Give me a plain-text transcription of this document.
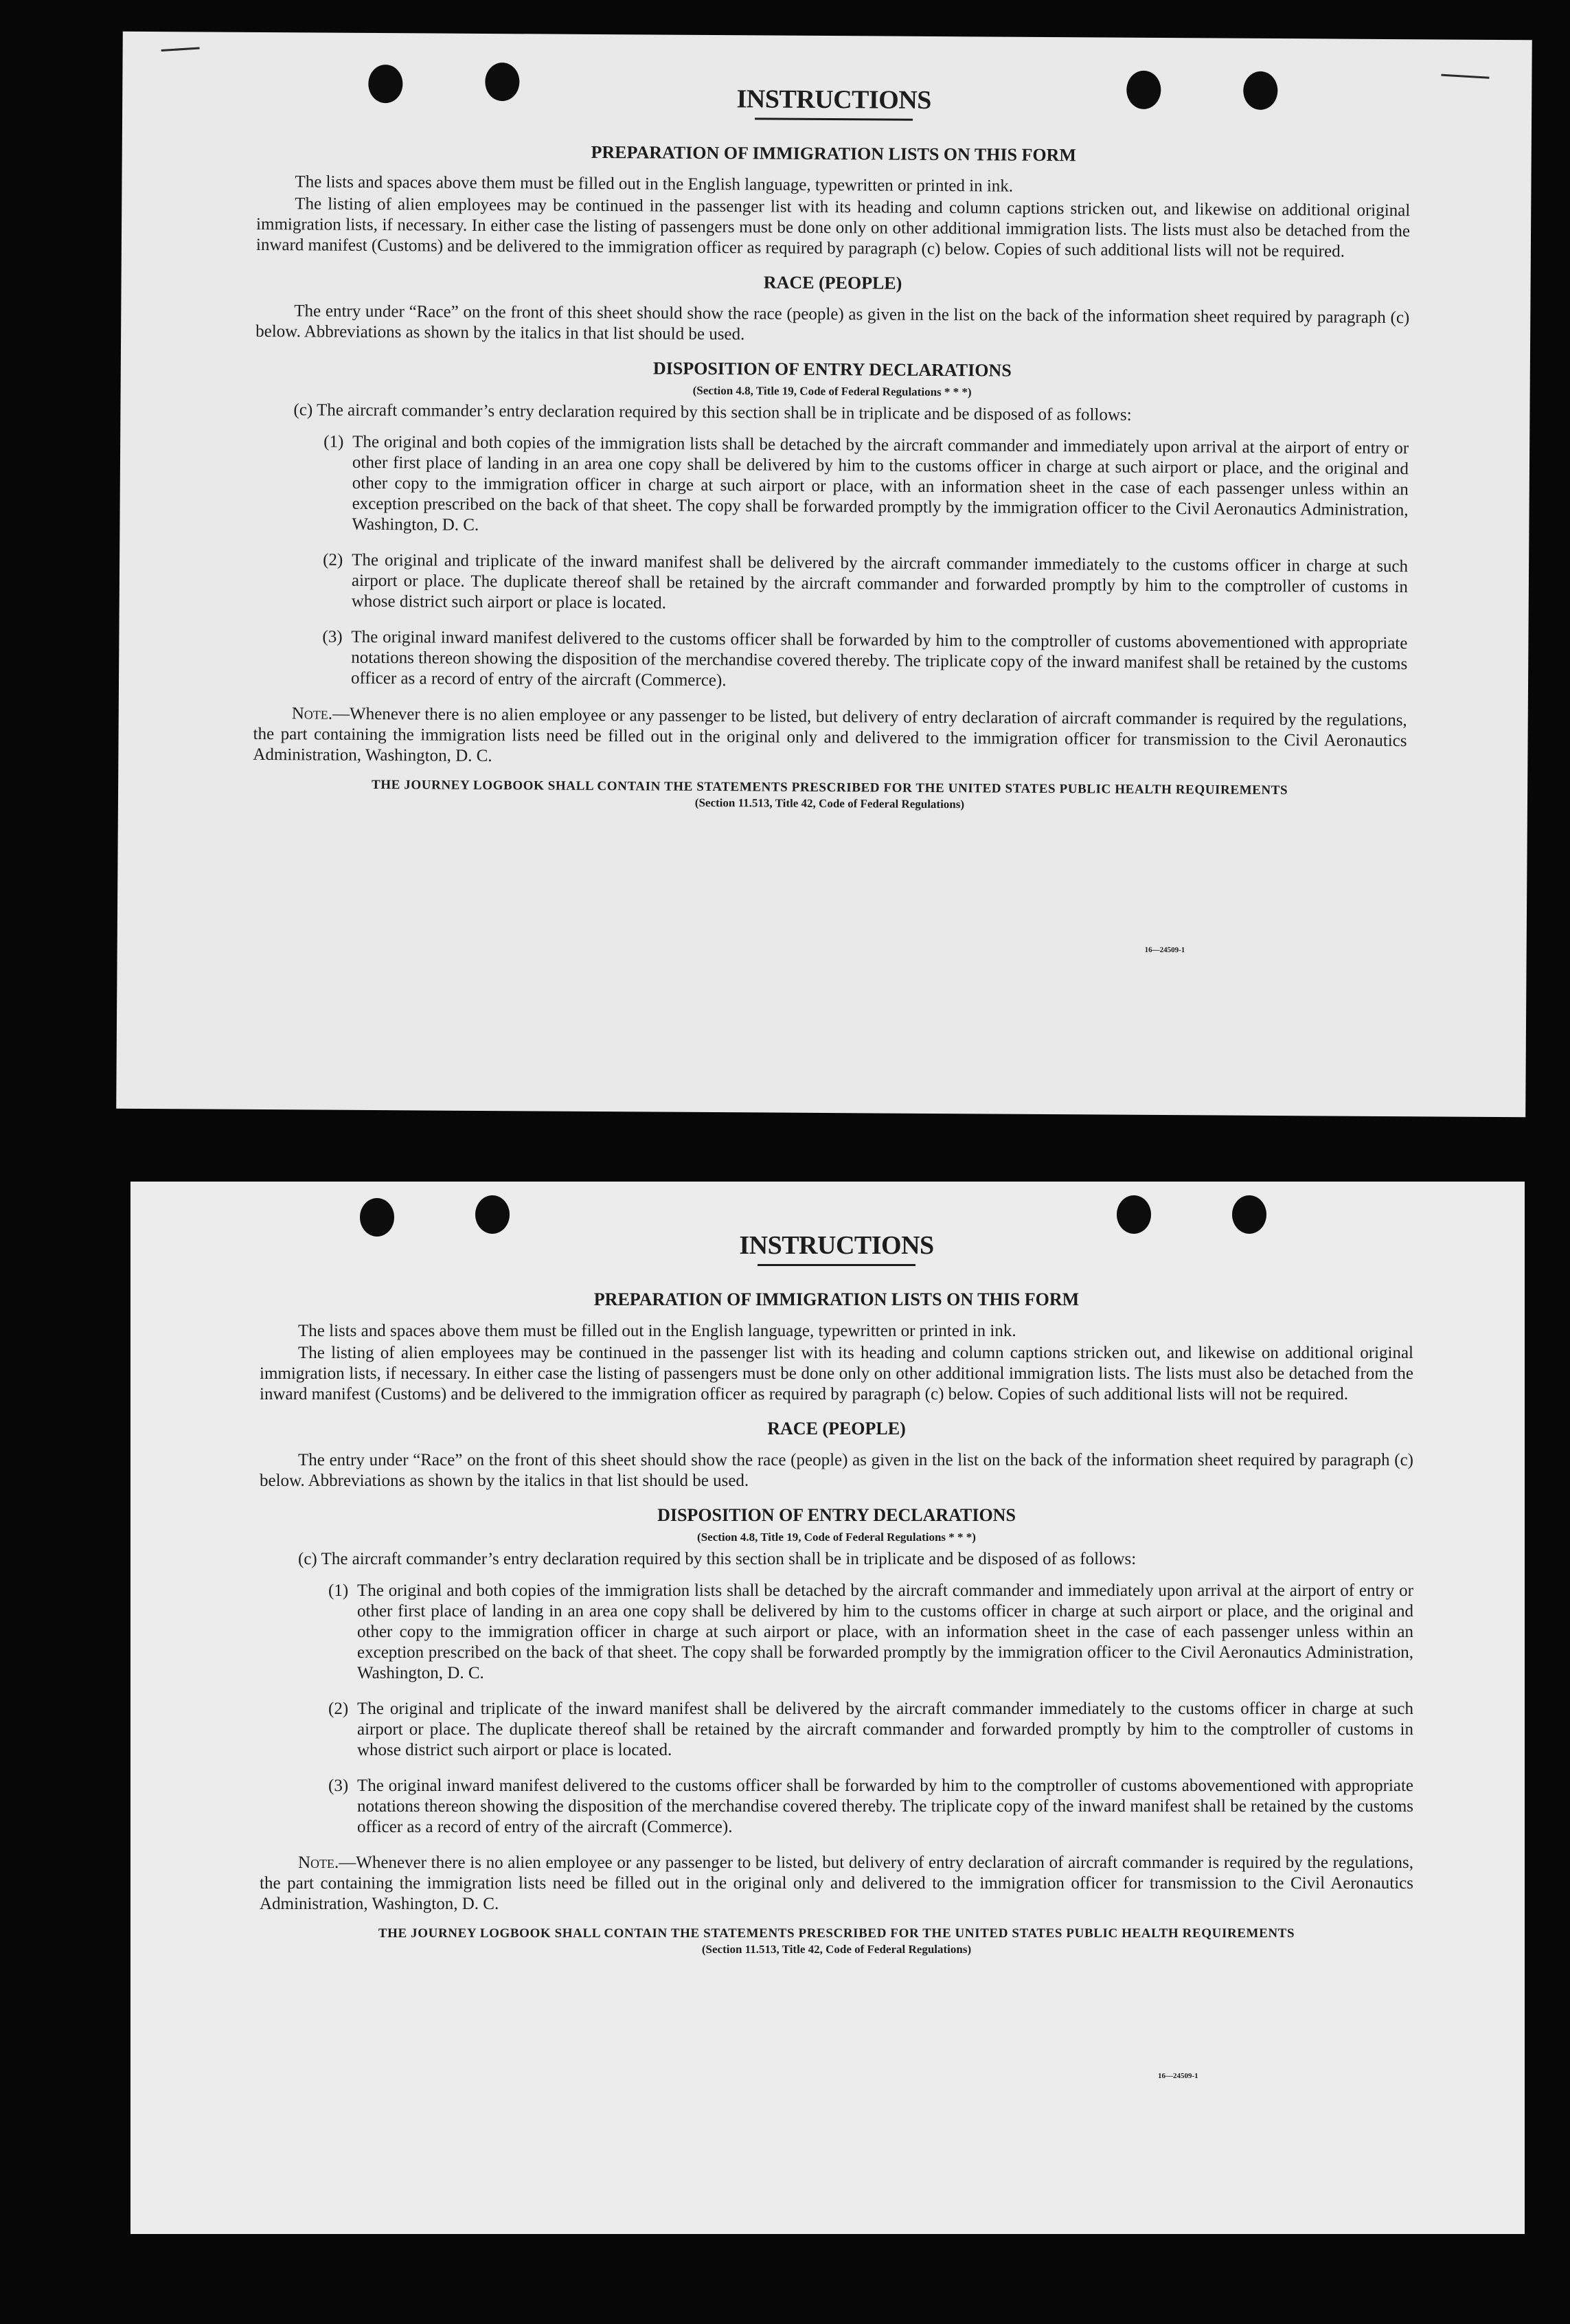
INSTRUCTIONS
PREPARATION OF IMMIGRATION LISTS ON THIS FORM

The lists and spaces above them must be filled out in the English language, typewritten or printed in ink.

The listing of alien employees may be continued in the passenger list with its heading and column captions stricken out, and likewise on additional original immigration lists, if necessary. In either case the listing of passengers must be done only on other additional immigration lists. The lists must also be detached from the inward manifest (Customs) and be delivered to the immigration officer as required by paragraph (c) below. Copies of such additional lists will not be required.

RACE (PEOPLE)

The entry under “Race” on the front of this sheet should show the race (people) as given in the list on the back of the information sheet required by paragraph (c) below. Abbreviations as shown by the italics in that list should be used.

DISPOSITION OF ENTRY DECLARATIONS
(Section 4.8, Title 19, Code of Federal Regulations * * *)

(c) The aircraft commander’s entry declaration required by this section shall be in triplicate and be disposed of as follows:

(1) The original and both copies of the immigration lists shall be detached by the aircraft commander and immediately upon arrival at the airport of entry or other first place of landing in an area one copy shall be delivered by him to the customs officer in charge at such airport or place, and the original and other copy to the immigration officer in charge at such airport or place, with an information sheet in the case of each passenger unless within an exception prescribed on the back of that sheet. The copy shall be forwarded promptly by the immigration officer to the Civil Aeronautics Administration, Washington, D. C.
(2) The original and triplicate of the inward manifest shall be delivered by the aircraft commander immediately to the customs officer in charge at such airport or place. The duplicate thereof shall be retained by the aircraft commander and forwarded promptly by him to the comptroller of customs in whose district such airport or place is located.
(3) The original inward manifest delivered to the customs officer shall be forwarded by him to the comptroller of customs abovementioned with appropriate notations thereon showing the disposition of the merchandise covered thereby. The triplicate copy of the inward manifest shall be retained by the customs officer as a record of entry of the aircraft (Commerce).

Note.—Whenever there is no alien employee or any passenger to be listed, but delivery of entry declaration of aircraft commander is required by the regulations, the part containing the immigration lists need be filled out in the original only and delivered to the immigration officer for transmission to the Civil Aeronautics Administration, Washington, D. C.

THE JOURNEY LOGBOOK SHALL CONTAIN THE STATEMENTS PRESCRIBED FOR THE UNITED STATES PUBLIC HEALTH REQUIREMENTS

(Section 11.513, Title 42, Code of Federal Regulations)

16—24509-1
INSTRUCTIONS
PREPARATION OF IMMIGRATION LISTS ON THIS FORM

The lists and spaces above them must be filled out in the English language, typewritten or printed in ink.

The listing of alien employees may be continued in the passenger list with its heading and column captions stricken out, and likewise on additional original immigration lists, if necessary. In either case the listing of passengers must be done only on other additional immigration lists. The lists must also be detached from the inward manifest (Customs) and be delivered to the immigration officer as required by paragraph (c) below. Copies of such additional lists will not be required.

RACE (PEOPLE)

The entry under “Race” on the front of this sheet should show the race (people) as given in the list on the back of the information sheet required by paragraph (c) below. Abbreviations as shown by the italics in that list should be used.

DISPOSITION OF ENTRY DECLARATIONS
(Section 4.8, Title 19, Code of Federal Regulations * * *)

(c) The aircraft commander’s entry declaration required by this section shall be in triplicate and be disposed of as follows:

(1) The original and both copies of the immigration lists shall be detached by the aircraft commander and immediately upon arrival at the airport of entry or other first place of landing in an area one copy shall be delivered by him to the customs officer in charge at such airport or place, and the original and other copy to the immigration officer in charge at such airport or place, with an information sheet in the case of each passenger unless within an exception prescribed on the back of that sheet. The copy shall be forwarded promptly by the immigration officer to the Civil Aeronautics Administration, Washington, D. C.
(2) The original and triplicate of the inward manifest shall be delivered by the aircraft commander immediately to the customs officer in charge at such airport or place. The duplicate thereof shall be retained by the aircraft commander and forwarded promptly by him to the comptroller of customs in whose district such airport or place is located.
(3) The original inward manifest delivered to the customs officer shall be forwarded by him to the comptroller of customs abovementioned with appropriate notations thereon showing the disposition of the merchandise covered thereby. The triplicate copy of the inward manifest shall be retained by the customs officer as a record of entry of the aircraft (Commerce).

Note.—Whenever there is no alien employee or any passenger to be listed, but delivery of entry declaration of aircraft commander is required by the regulations, the part containing the immigration lists need be filled out in the original only and delivered to the immigration officer for transmission to the Civil Aeronautics Administration, Washington, D. C.

THE JOURNEY LOGBOOK SHALL CONTAIN THE STATEMENTS PRESCRIBED FOR THE UNITED STATES PUBLIC HEALTH REQUIREMENTS

(Section 11.513, Title 42, Code of Federal Regulations)

16—24509-1
